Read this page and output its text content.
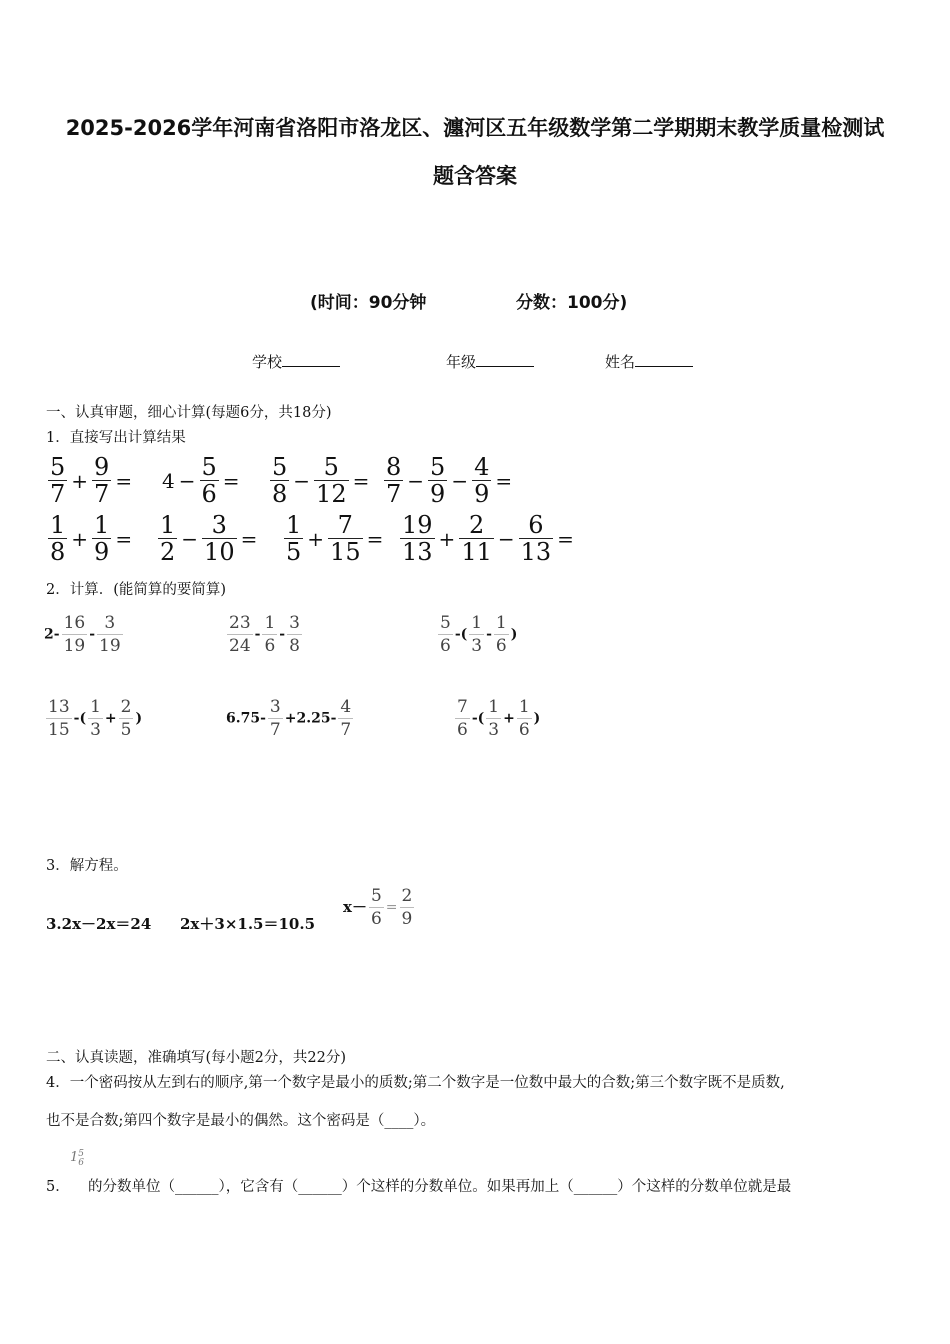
2025-2026学年河南省洛阳市洛龙区、瀍河区五年级数学第二学期期末教学质量检测试
题含答案
(时间：90分钟	分数：100分)
学校	年级	姓名
一、认真审题，细心计算(每题6分，共18分)
1．直接写出计算结果
$\frac{5}{7} + \frac{9}{7} = 4 - \frac{5}{6} = \frac{5}{8} - \frac{5}{12} = \frac{8}{7} - \frac{5}{9} - \frac{4}{9}$ =
$\frac{1}{8} + \frac{1}{9} = \frac{1}{2} - \frac{3}{10} = \frac{1}{5} + \frac{7}{15} = \frac{19}{13} + \frac{2}{11} - \frac{6}{13}$ =
2．计算．(能简算的要简算)
$2- \frac{16}{19} - \frac{3}{19}$	$\frac{23}{24} - \frac{1}{6} - \frac{3}{8}$	$\frac{5}{6}$ -( $\frac{1}{3} - \frac{1}{6}$ )
$\frac{13}{15}$ -( $\frac{1}{3} + \frac{2}{5}$ )	$6.75- \frac{3}{7} +2.25- \frac{4}{7}$	$\frac{7}{6}$ -( $\frac{1}{3} + \frac{1}{6}$ )
3．解方程。
3.2x－2x＝24 2x＋3×1.5＝10.5
$x- \frac{5}{6} = \frac{2}{9}$
二、认真读题，准确填写(每小题2分，共22分)
4．一个密码按从左到右的顺序,第一个数字是最小的质数;第二个数字是一位数中最大的合数;第三个数字既不是质数,
也不是合数;第四个数字是最小的偶然。这个密码是（____）。
5．
1 5
6
的分数单位（______），它含有（______）个这样的分数单位。如果再加上（______）个这样的分数单位就是最
